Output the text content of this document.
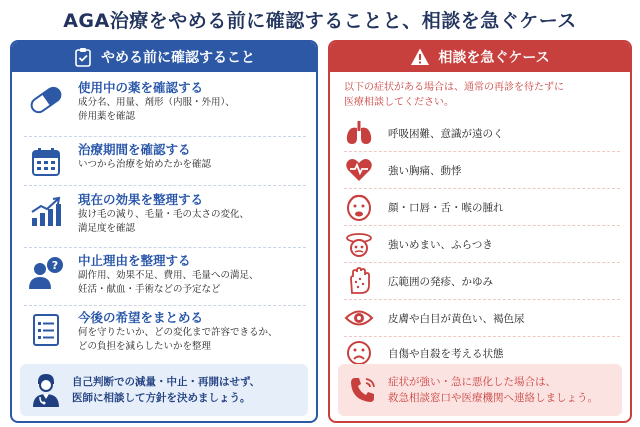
AGA治療をやめる前に確認することと、相談を急ぐケース
やめる前に確認すること
使用中の薬を確認する
成分名、用量、剤形（内服・外用）、
併用薬を確認
治療期間を確認する
いつから治療を始めたかを確認
現在の効果を整理する
抜け毛の減り、毛量・毛の太さの変化、
満足度を確認
? 中止理由を整理する
副作用、効果不足、費用、毛量への満足、
妊活・献血・手術などの予定など
今後の希望をまとめる
何を守りたいか、どの変化まで許容できるか、
どの負担を減らしたいかを整理
自己判断での減量・中止・再開はせず、
医師に相談して方針を決めましょう。
相談を急ぐケース
以下の症状がある場合は、通常の再診を待たずに
医療相談してください。
呼吸困難、意識が遠のく
強い胸痛、動悸
顔・口唇・舌・喉の腫れ
強いめまい、ふらつき
広範囲の発疹、かゆみ
皮膚や白目が黄色い、褐色尿
自傷や自殺を考える状態
症状が強い・急に悪化した場合は、
救急相談窓口や医療機関へ連絡しましょう。
